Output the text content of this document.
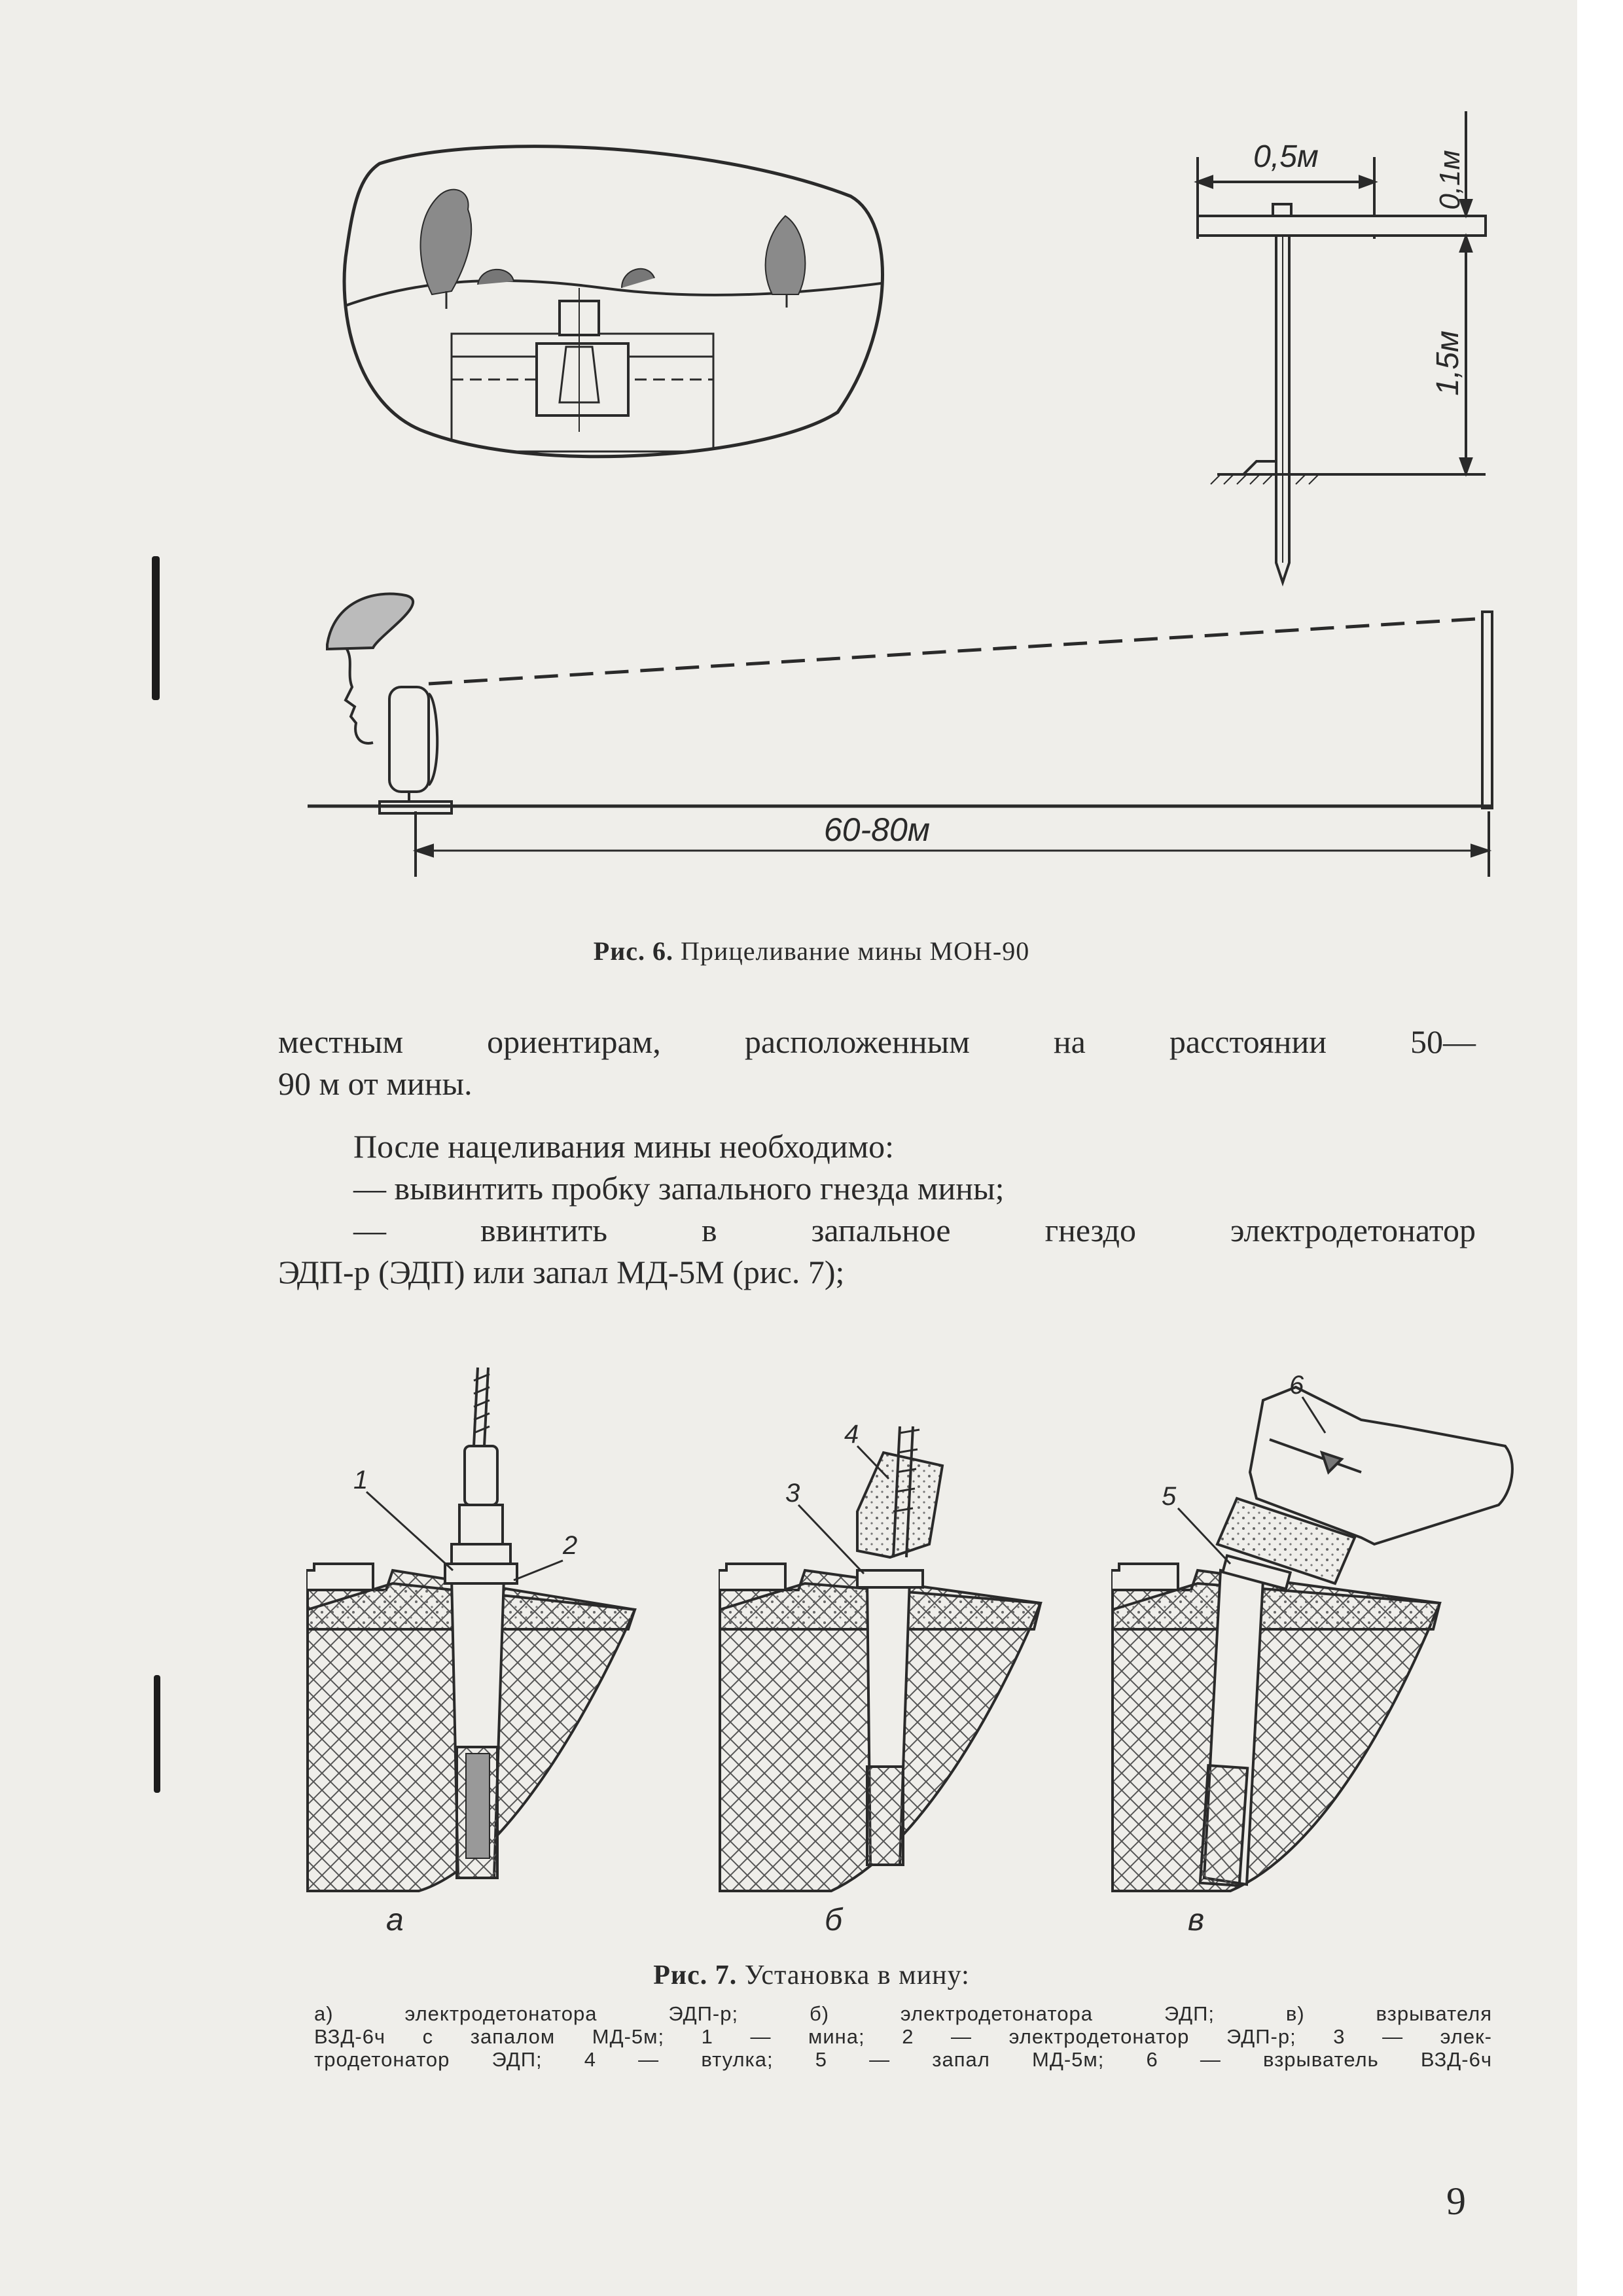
0,5м	0,1м
1,5м
60-80м
Рис. 6. Прицеливание мины МОН-90

местным ориентирам, расположенным на расстоянии 50—

90 м от мины.

После нацеливания мины необходимо:

— вывинтить пробку запального гнезда мины;

— ввинтить в запальное гнездо электродетонатор

ЭДП-р (ЭДП) или запал МД-5М (рис. 7);

1
2
а
4
3
б
6
5
в
Рис. 7. Установка в мину:
а) электродетонатора ЭДП-р; б) электродетонатора ЭДП; в) взрывателя
ВЗД-6ч с запалом МД-5м; 1 — мина; 2 — электродетонатор ЭДП-р; 3 — элек-
тродетонатор ЭДП; 4 — втулка; 5 — запал МД-5м; 6 — взрыватель ВЗД-6ч
9
